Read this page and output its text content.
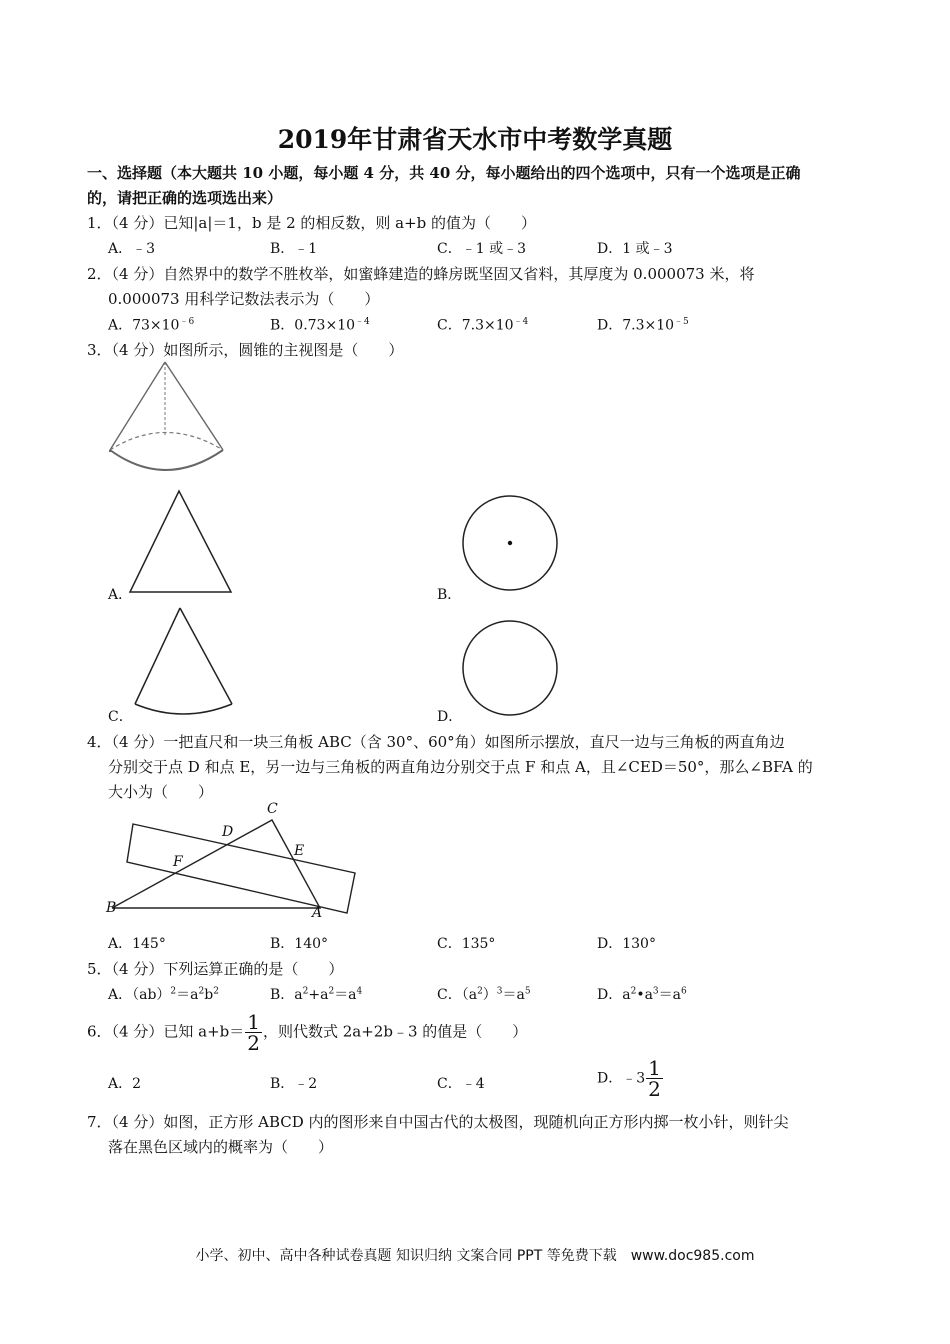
2019年甘肃省天水市中考数学真题
一、选择题（本大题共 10 小题，每小题 4 分，共 40 分，每小题给出的四个选项中，只有一个选项是正确
的，请把正确的选项选出来）
1．（4 分）已知|a|＝1，b 是 2 的相反数，则 a+b 的值为（　　）
A．﹣3	B．﹣1	C．﹣1 或﹣3	D．1 或﹣3
2．（4 分）自然界中的数学不胜枚举，如蜜蜂建造的蜂房既坚固又省料，其厚度为 0.000073 米，将
0.000073 用科学记数法表示为（　　）
A．$73\times 10^{﹣6}$	B．$0.73\times 10^{﹣4}$	C．$7.3\times 10^{﹣4}$	D．$7.3\times 10^{﹣5}$
3．（4 分）如图所示，圆锥的主视图是（　　）
A．	B．
C．	D．
4．（4 分）一把直尺和一块三角板 ABC（含 30°、60°角）如图所示摆放，直尺一边与三角板的两直角边
分别交于点 D 和点 E，另一边与三角板的两直角边分别交于点 F 和点 A，且∠CED＝50°，那么∠BFA 的
大小为（　　）
C
D
E
F
B	A
A．145°	B．140°	C．135°	D．130°
5．（4 分）下列运算正确的是（　　）
A．$(ab)^2=a^2b^2$	B．$a^2+a^2=a^4$	C．$(a^2)^3=a^5$	D．$a^2•a^3=a^6$
6．（4 分）已知 $a+b= \frac{1}{2}$ ，则代数式 2a+2b﹣3 的值是（　　）
A．2	B．﹣2	C．﹣4	D．﹣3 $\frac{1}{2}$
7．（4 分）如图，正方形 ABCD 内的图形来自中国古代的太极图，现随机向正方形内掷一枚小针，则针尖
落在黑色区域内的概率为（　　）
小学、初中、高中各种试卷真题 知识归纳 文案合同 PPT 等免费下载　www.doc985.com
